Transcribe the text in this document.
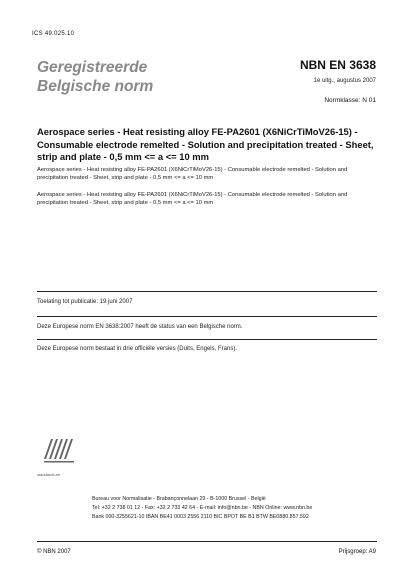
ICS 49.025.10
Geregistreerde
Belgische norm
NBN EN 3638
1e uitg., augustus 2007
Normklasse: N 01
Aerospace series - Heat resisting alloy FE-PA2601 (X6NiCrTiMoV26-15) - Consumable electrode remelted - Solution and precipitation treated - Sheet, strip and plate - 0,5 mm <= a <= 10 mm
Aerospace series - Heat resisting alloy FE-PA2601 (X6NiCrTiMoV26-15) - Consumable electrode remelted - Solution and precipitation treated - Sheet, strip and plate - 0,5 mm <= a <= 10 mm
Aerospace series - Heat resisting alloy FE-PA2601 (X6NiCrTiMoV26-15) - Consumable electrode remelted - Solution and precipitation treated - Sheet, strip and plate - 0,5 mm <= a <= 10 mm
Toelating tot publicatie: 19 juni 2007
Deze Europese norm EN 3638:2007 heeft de status van een Belgische norm.
Deze Europese norm bestaat in drie officiële versies (Duits, Engels, Frans).
standards.be
Bureau voor Normalisatie - Brabançonnelaan 29 - B-1000 Brussel - België
Tel: +32 2 738 01 12 - Fax: +32 2 733 42 64 - E-mail: info@nbn.be - NBN Online: www.nbn.be
Bank 000-3255621-10 IBAN BE41 0003 2556 2110 BIC BPOT BE B1 BTW BE0880.857.592
© NBN 2007	Prijsgroep: A9
